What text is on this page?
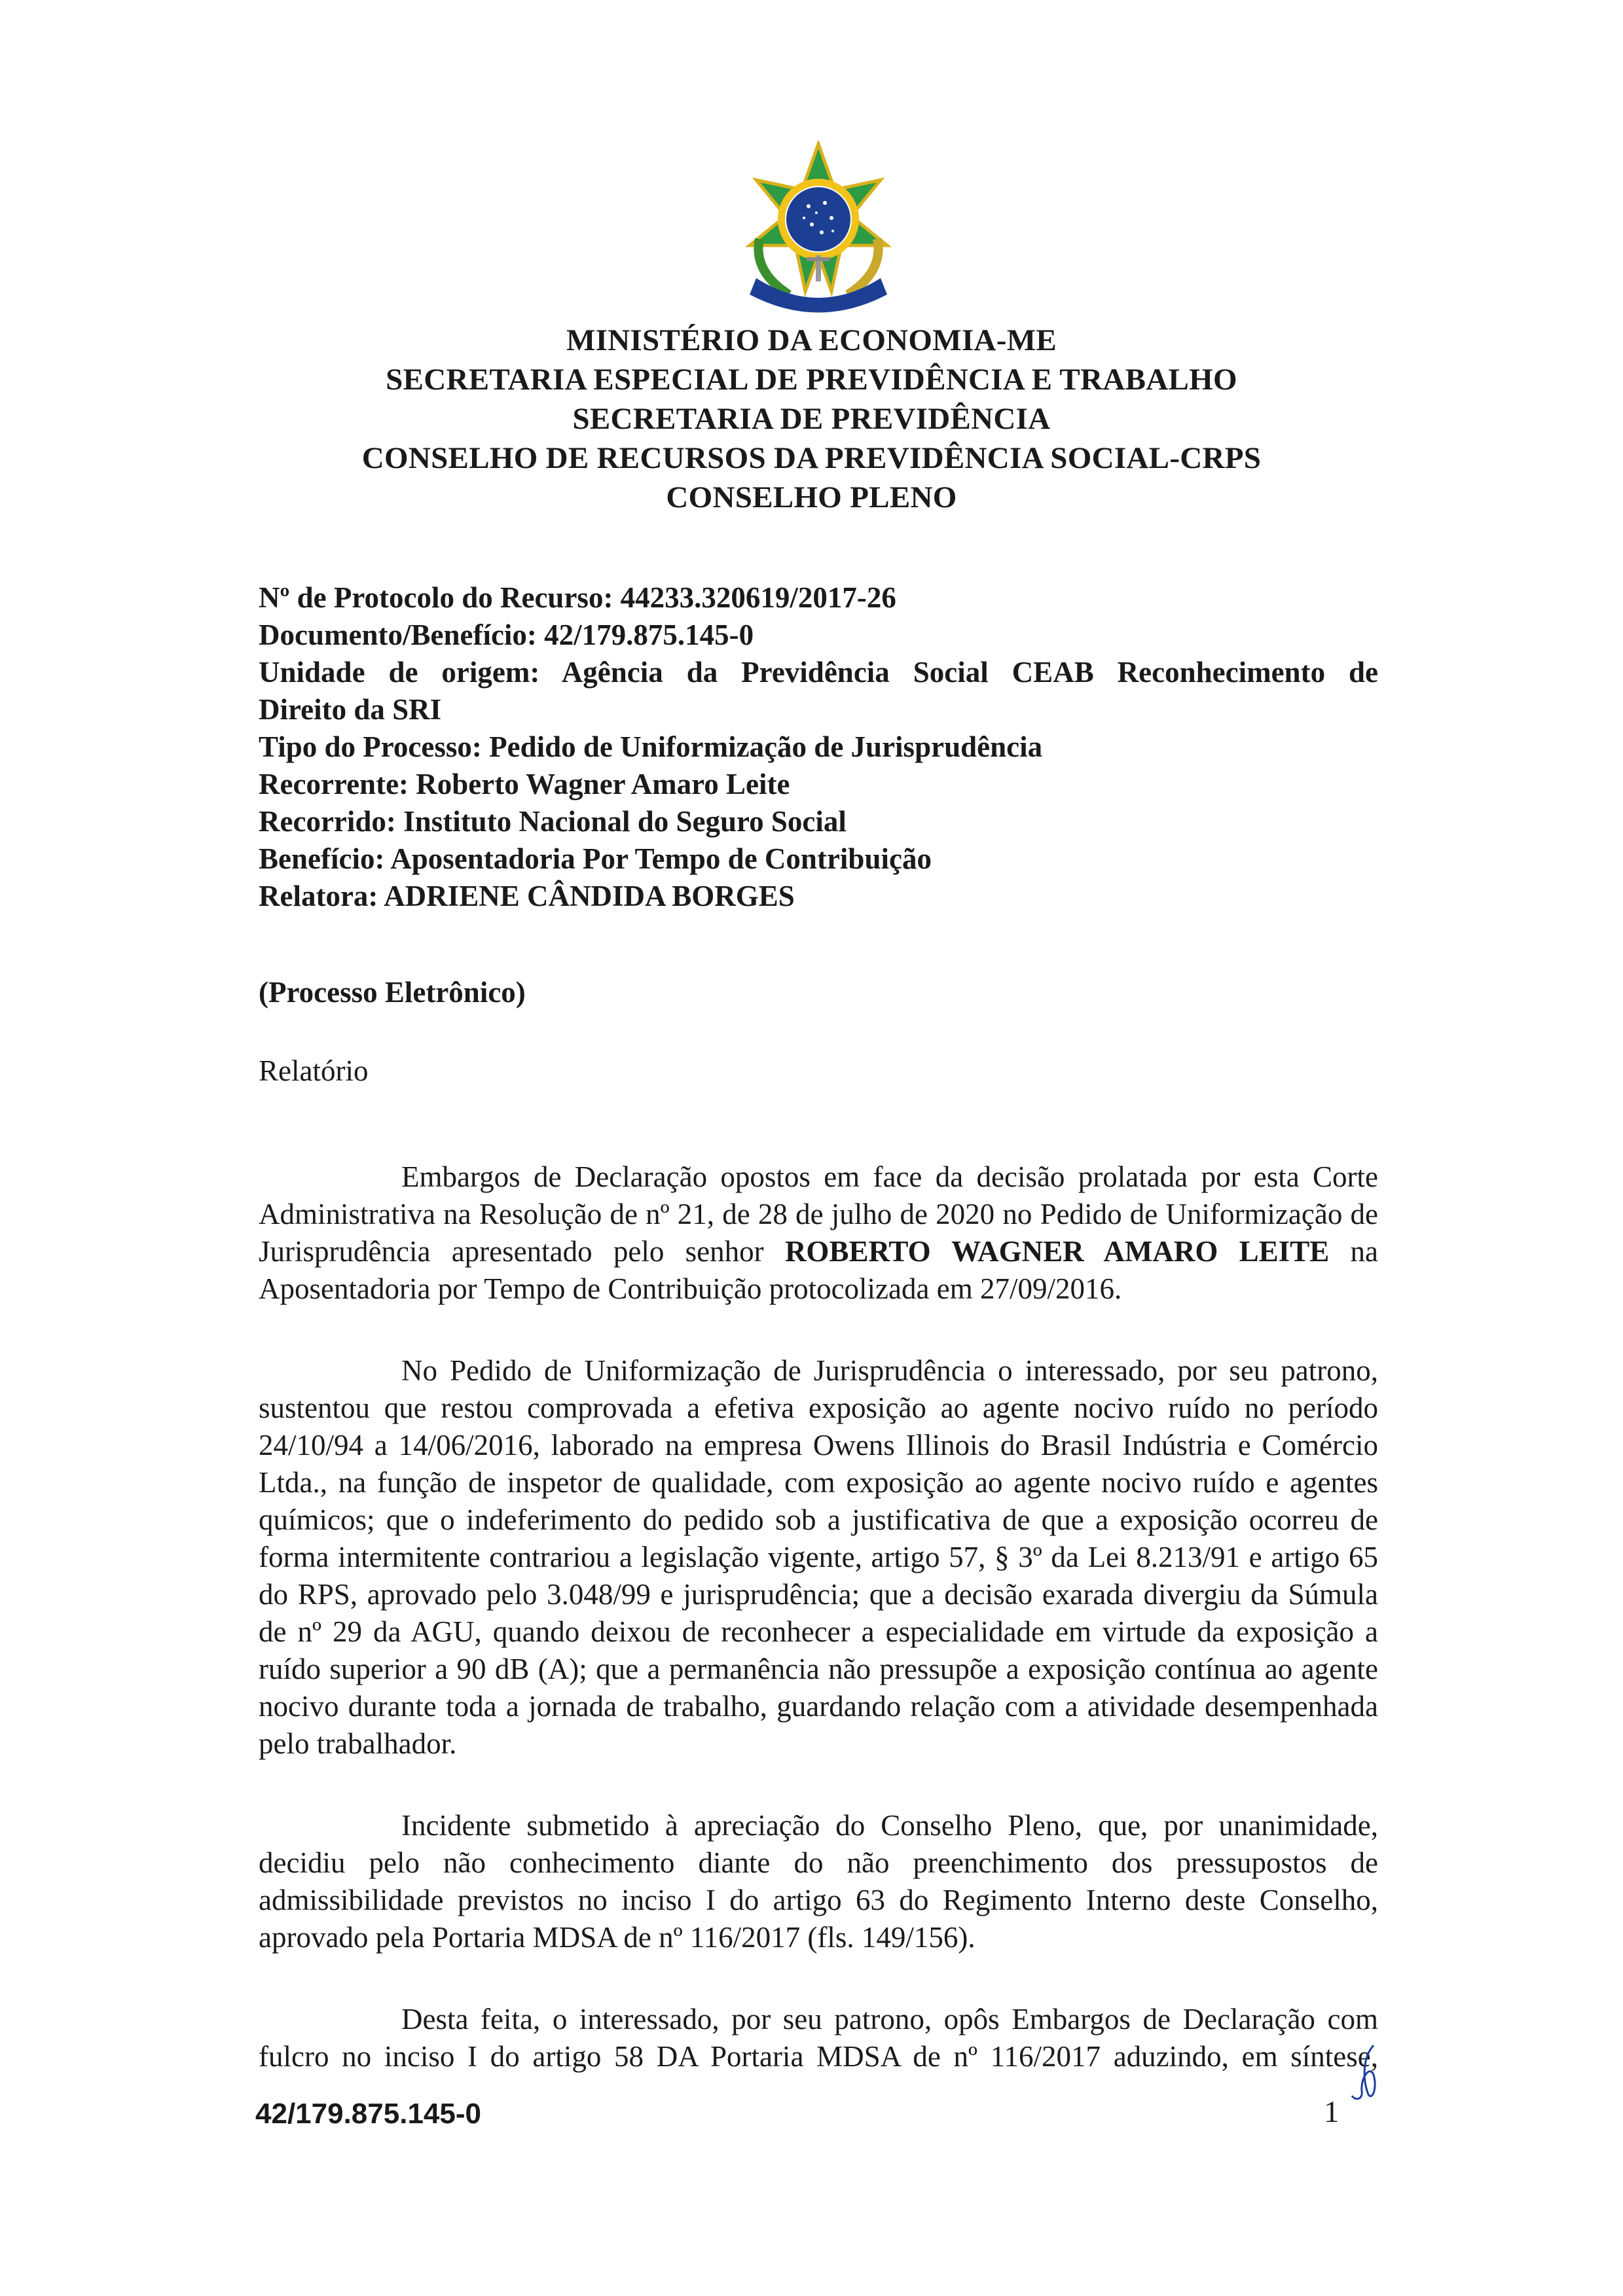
MINISTÉRIO DA ECONOMIA-ME
SECRETARIA ESPECIAL DE PREVIDÊNCIA E TRABALHO
SECRETARIA DE PREVIDÊNCIA
CONSELHO DE RECURSOS DA PREVIDÊNCIA SOCIAL-CRPS
CONSELHO PLENO
Nº de Protocolo do Recurso: 44233.320619/2017-26
Documento/Benefício: 42/179.875.145-0
Unidade de origem: Agência da Previdência Social CEAB Reconhecimento de
Direito da SRI
Tipo do Processo: Pedido de Uniformização de Jurisprudência
Recorrente: Roberto Wagner Amaro Leite
Recorrido: Instituto Nacional do Seguro Social
Benefício: Aposentadoria Por Tempo de Contribuição
Relatora: ADRIENE CÂNDIDA BORGES
(Processo Eletrônico)
Relatório

Embargos de Declaração opostos em face da decisão prolatada por esta Corte Administrativa na Resolução de nº 21, de 28 de julho de 2020 no Pedido de Uniformização de Jurisprudência apresentado pelo senhor ROBERTO WAGNER AMARO LEITE na Aposentadoria por Tempo de Contribuição protocolizada em 27/09/2016.

No Pedido de Uniformização de Jurisprudência o interessado, por seu patrono, sustentou que restou comprovada a efetiva exposição ao agente nocivo ruído no período 24/10/94 a 14/06/2016, laborado na empresa Owens Illinois do Brasil Indústria e Comércio Ltda., na função de inspetor de qualidade, com exposição ao agente nocivo ruído e agentes químicos; que o indeferimento do pedido sob a justificativa de que a exposição ocorreu de forma intermitente contrariou a legislação vigente, artigo 57, § 3º da Lei 8.213/91 e artigo 65 do RPS, aprovado pelo 3.048/99 e jurisprudência; que a decisão exarada divergiu da Súmula de nº 29 da AGU, quando deixou de reconhecer a especialidade em virtude da exposição a ruído superior a 90 dB (A); que a permanência não pressupõe a exposição contínua ao agente nocivo durante toda a jornada de trabalho, guardando relação com a atividade desempenhada pelo trabalhador.

Incidente submetido à apreciação do Conselho Pleno, que, por unanimidade, decidiu pelo não conhecimento diante do não preenchimento dos pressupostos de admissibilidade previstos no inciso I do artigo 63 do Regimento Interno deste Conselho, aprovado pela Portaria MDSA de nº 116/2017 (fls. 149/156).

Desta feita, o interessado, por seu patrono, opôs Embargos de Declaração com fulcro no inciso I do artigo 58 DA Portaria MDSA de nº 116/2017 aduzindo, em síntese,

42/179.875.145-0	1
